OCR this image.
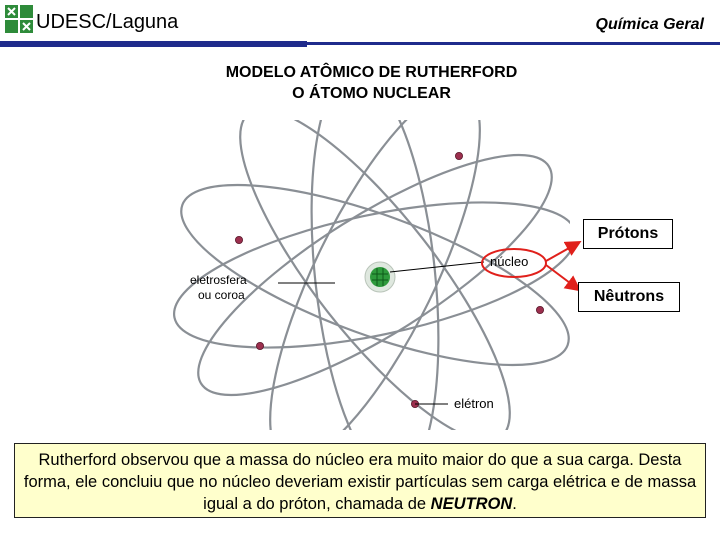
UDESC/Laguna	Química Geral
MODELO ATÔMICO DE RUTHERFORD
O ÁTOMO NUCLEAR
núcleo
eletrosfera
ou coroa
elétron
Prótons
Nêutrons
Rutherford observou que a massa do núcleo era muito maior do que a sua carga. Desta forma, ele concluiu que no núcleo deveriam existir partículas sem carga elétrica e de massa igual a do próton, chamada de NEUTRON.
